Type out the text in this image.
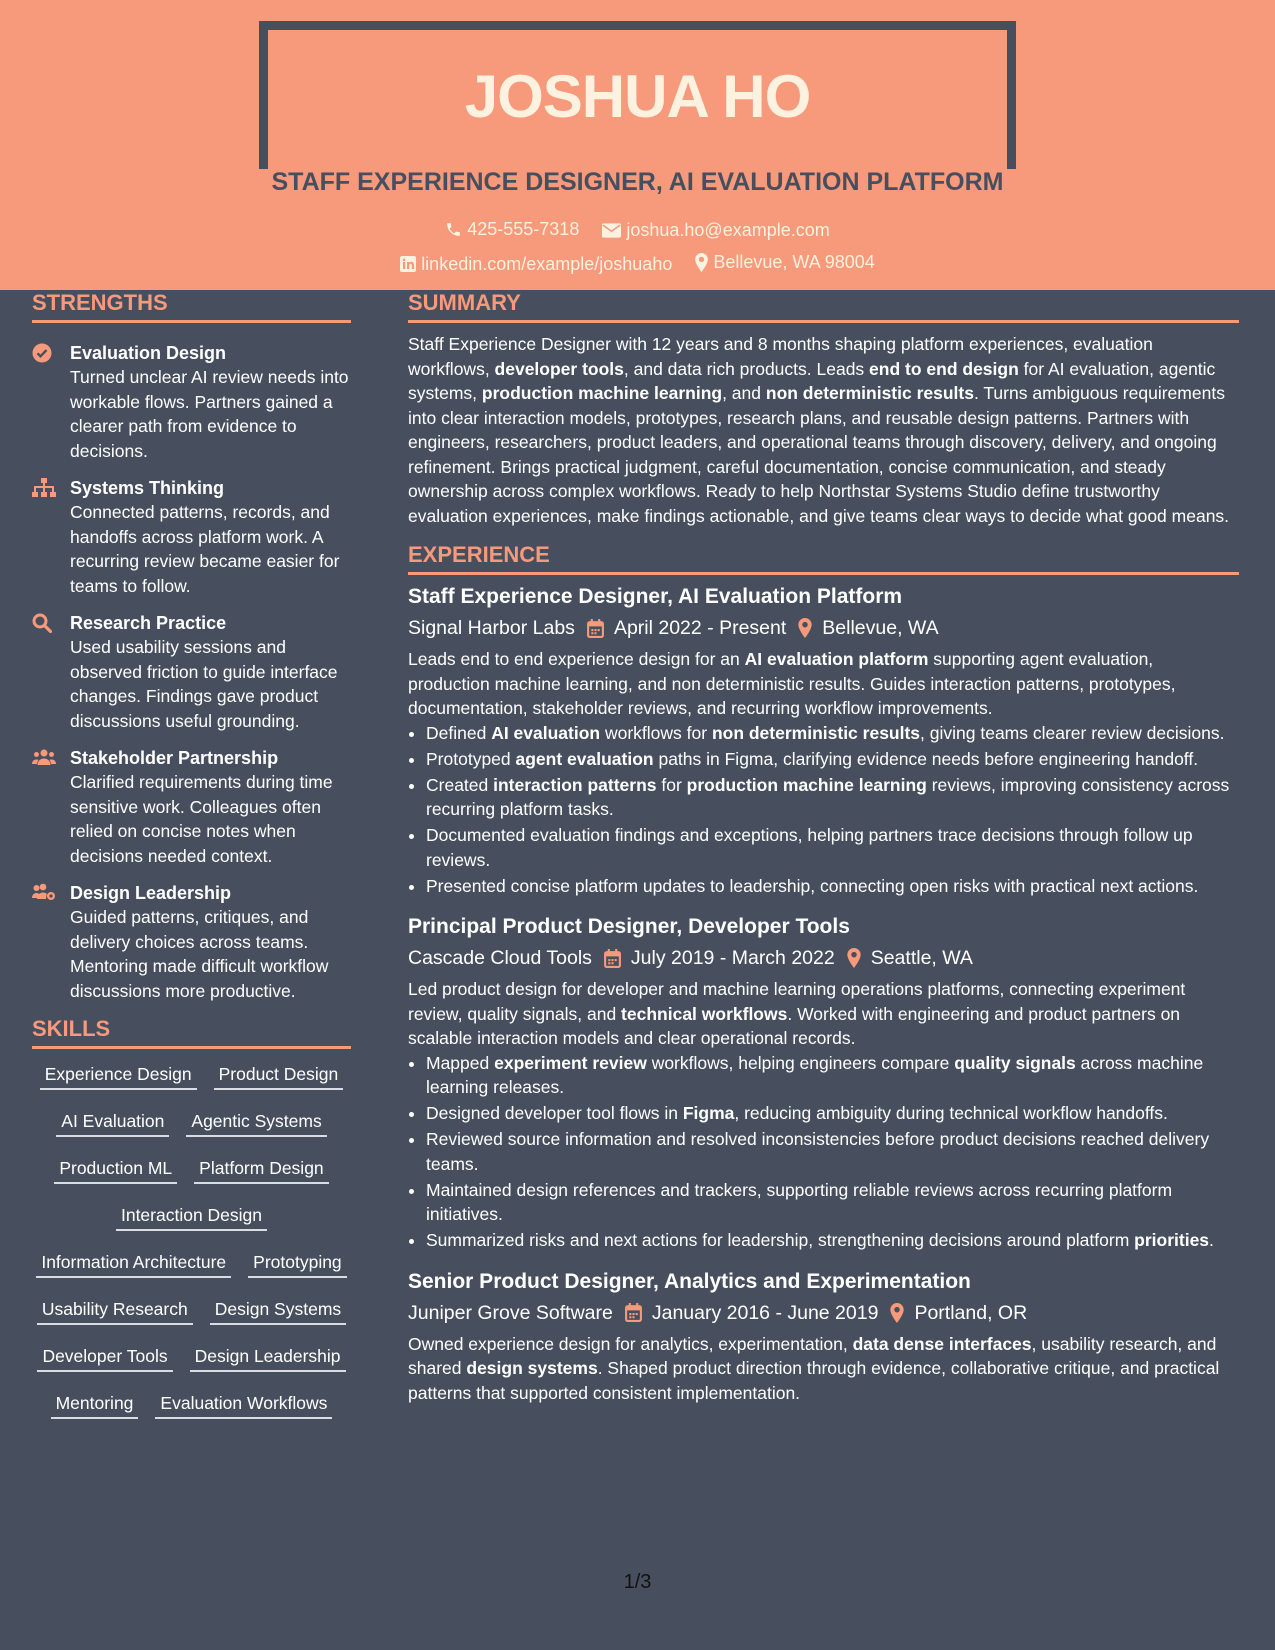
JOSHUA HO
STAFF EXPERIENCE DESIGNER, AI EVALUATION PLATFORM
425-555-7318
	joshua.ho@example.com
linkedin.com/example/joshuaho
Bellevue, WA 98004
STRENGTHS
Evaluation Design
Turned unclear AI review needs into workable flows. Partners gained a clearer path from evidence to decisions.
Systems Thinking
Connected patterns, records, and handoffs across platform work. A recurring review became easier for teams to follow.
Research Practice
Used usability sessions and observed friction to guide interface changes. Findings gave product discussions useful grounding.
Stakeholder Partnership
Clarified requirements during time sensitive work. Colleagues often relied on concise notes when decisions needed context.
Design Leadership
Guided patterns, critiques, and delivery choices across teams. Mentoring made difficult workflow discussions more productive.
SKILLS
Experience Design Product Design
AI Evaluation Agentic Systems
Production ML Platform Design
Interaction Design
Information Architecture Prototyping
Usability Research Design Systems
Developer Tools Design Leadership
Mentoring Evaluation Workflows
SUMMARY
Staff Experience Designer with 12 years and 8 months shaping platform experiences, evaluation workflows, developer tools, and data rich products. Leads end to end design for AI evaluation, agentic systems, production machine learning, and non deterministic results. Turns ambiguous requirements into clear interaction models, prototypes, research plans, and reusable design patterns. Partners with engineers, researchers, product leaders, and operational teams through discovery, delivery, and ongoing refinement. Brings practical judgment, careful documentation, concise communication, and steady ownership across complex workflows. Ready to help Northstar Systems Studio define trustworthy evaluation experiences, make findings actionable, and give teams clear ways to decide what good means.
EXPERIENCE
Staff Experience Designer, AI Evaluation Platform
Signal Harbor Labs April 2022 - Present Bellevue, WA
Leads end to end experience design for an AI evaluation platform supporting agent evaluation, production machine learning, and non deterministic results. Guides interaction patterns, prototypes, documentation, stakeholder reviews, and recurring workflow improvements.
• Defined AI evaluation workflows for non deterministic results, giving teams clearer review decisions.
• Prototyped agent evaluation paths in Figma, clarifying evidence needs before engineering handoff.
• Created interaction patterns for production machine learning reviews, improving consistency across recurring platform tasks.
• Documented evaluation findings and exceptions, helping partners trace decisions through follow up reviews.
• Presented concise platform updates to leadership, connecting open risks with practical next actions.
Principal Product Designer, Developer Tools
Cascade Cloud Tools July 2019 - March 2022 Seattle, WA
Led product design for developer and machine learning operations platforms, connecting experiment review, quality signals, and technical workflows. Worked with engineering and product partners on scalable interaction models and clear operational records.
• Mapped experiment review workflows, helping engineers compare quality signals across machine learning releases.
• Designed developer tool flows in Figma, reducing ambiguity during technical workflow handoffs.
• Reviewed source information and resolved inconsistencies before product decisions reached delivery teams.
• Maintained design references and trackers, supporting reliable reviews across recurring platform initiatives.
• Summarized risks and next actions for leadership, strengthening decisions around platform priorities.
Senior Product Designer, Analytics and Experimentation
Juniper Grove Software January 2016 - June 2019 Portland, OR
Owned experience design for analytics, experimentation, data dense interfaces, usability research, and shared design systems. Shaped product direction through evidence, collaborative critique, and practical patterns that supported consistent implementation.
1/3
